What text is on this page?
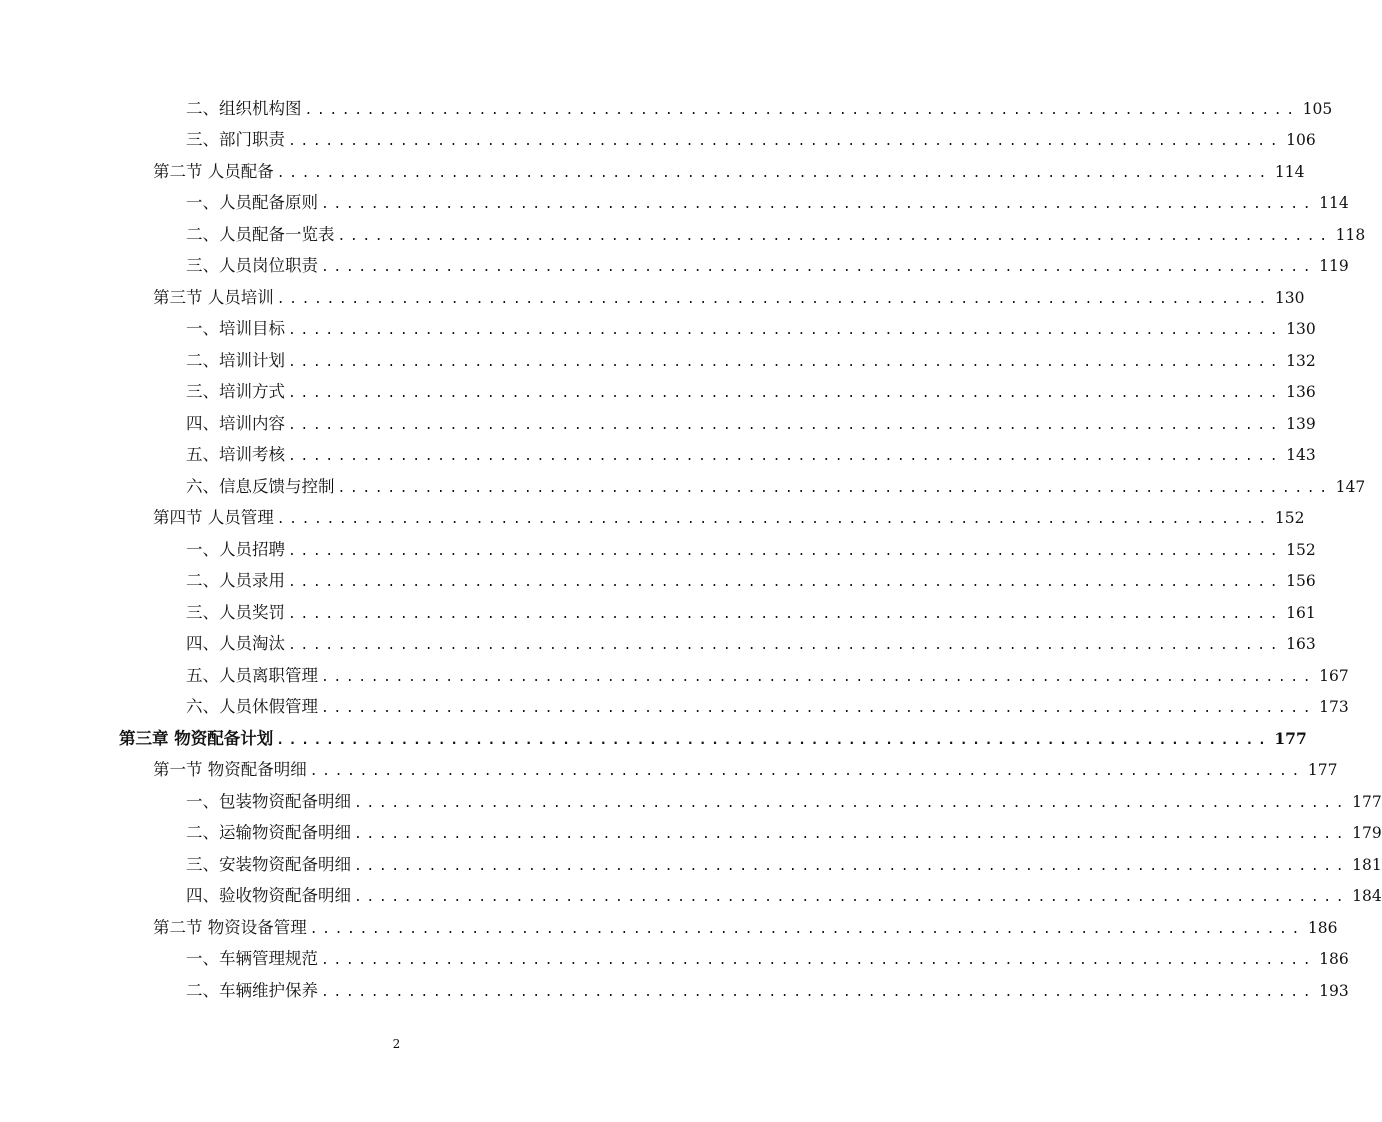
二、组织机构图 ................................................................................ 105
三、部门职责 ................................................................................ 106
第二节 人员配备 ................................................................................ 114
一、人员配备原则 ................................................................................ 114
二、人员配备一览表 ................................................................................ 118
三、人员岗位职责 ................................................................................ 119
第三节 人员培训 ................................................................................ 130
一、培训目标 ................................................................................ 130
二、培训计划 ................................................................................ 132
三、培训方式 ................................................................................ 136
四、培训内容 ................................................................................ 139
五、培训考核 ................................................................................ 143
六、信息反馈与控制 ................................................................................ 147
第四节 人员管理 ................................................................................ 152
一、人员招聘 ................................................................................ 152
二、人员录用 ................................................................................ 156
三、人员奖罚 ................................................................................ 161
四、人员淘汰 ................................................................................ 163
五、人员离职管理 ................................................................................ 167
六、人员休假管理 ................................................................................ 173
第三章 物资配备计划 ................................................................................ 177
第一节 物资配备明细 ................................................................................ 177
一、包装物资配备明细 ................................................................................ 177
二、运输物资配备明细 ................................................................................ 179
三、安装物资配备明细 ................................................................................ 181
四、验收物资配备明细 ................................................................................ 184
第二节 物资设备管理 ................................................................................ 186
一、车辆管理规范 ................................................................................ 186
二、车辆维护保养 ................................................................................ 193
2
